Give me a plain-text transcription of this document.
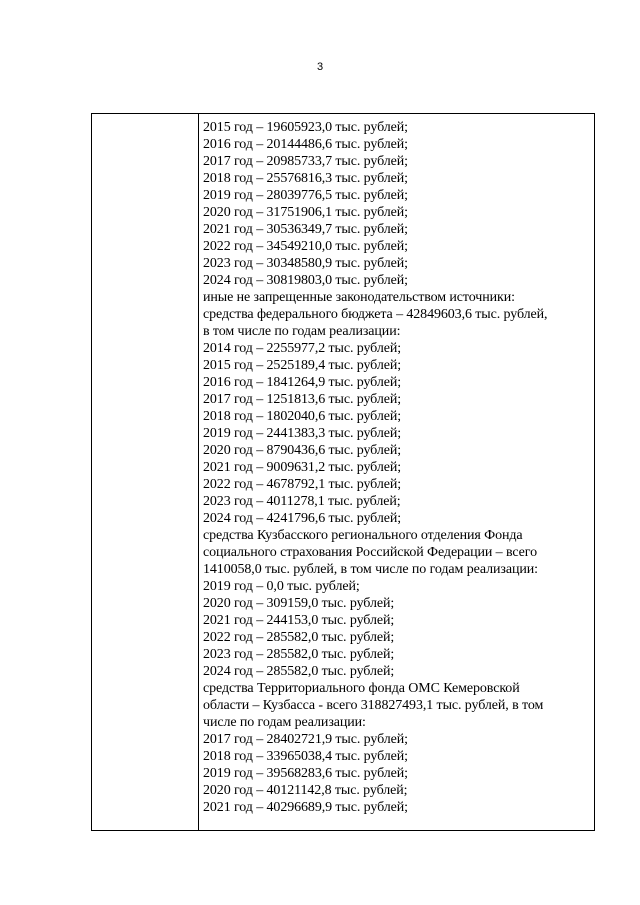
3
2015 год – 19605923,0 тыс. рублей;
2016 год – 20144486,6 тыс. рублей;
2017 год – 20985733,7 тыс. рублей;
2018 год – 25576816,3 тыс. рублей;
2019 год – 28039776,5 тыс. рублей;
2020 год – 31751906,1 тыс. рублей;
2021 год – 30536349,7 тыс. рублей;
2022 год – 34549210,0 тыс. рублей;
2023 год – 30348580,9 тыс. рублей;
2024 год – 30819803,0 тыс. рублей;
иные не запрещенные законодательством источники:
средства федерального бюджета – 42849603,6 тыс. рублей,
в том числе по годам реализации:
2014 год – 2255977,2 тыс. рублей;
2015 год – 2525189,4 тыс. рублей;
2016 год – 1841264,9 тыс. рублей;
2017 год – 1251813,6 тыс. рублей;
2018 год – 1802040,6 тыс. рублей;
2019 год – 2441383,3 тыс. рублей;
2020 год – 8790436,6 тыс. рублей;
2021 год – 9009631,2 тыс. рублей;
2022 год – 4678792,1 тыс. рублей;
2023 год – 4011278,1 тыс. рублей;
2024 год – 4241796,6 тыс. рублей;
средства Кузбасского регионального отделения Фонда
социального страхования Российской Федерации – всего
1410058,0 тыс. рублей, в том числе по годам реализации:
2019 год – 0,0 тыс. рублей;
2020 год – 309159,0 тыс. рублей;
2021 год – 244153,0 тыс. рублей;
2022 год – 285582,0 тыс. рублей;
2023 год – 285582,0 тыс. рублей;
2024 год – 285582,0 тыс. рублей;
средства Территориального фонда ОМС Кемеровской
области – Кузбасса - всего 318827493,1 тыс. рублей, в том
числе по годам реализации:
2017 год – 28402721,9 тыс. рублей;
2018 год – 33965038,4 тыс. рублей;
2019 год – 39568283,6 тыс. рублей;
2020 год – 40121142,8 тыс. рублей;
2021 год – 40296689,9 тыс. рублей;
